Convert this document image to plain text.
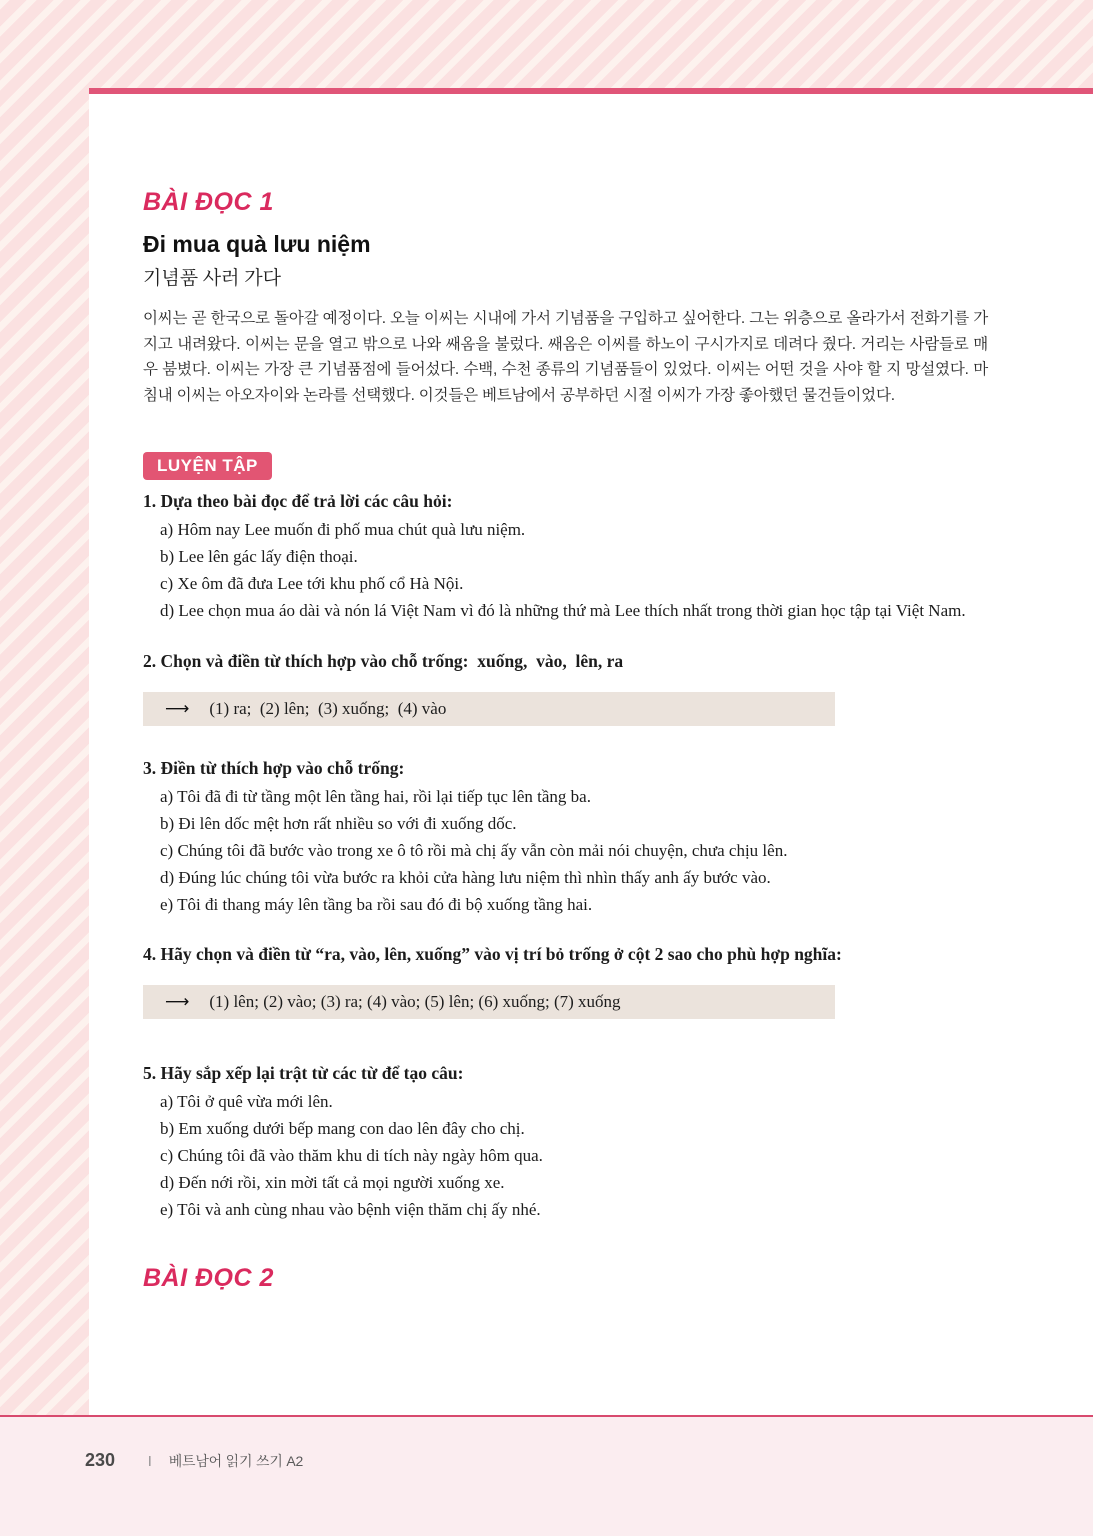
BÀI ĐỌC 1
Đi mua quà lưu niệm
기념품 사러 가다

이씨는 곧 한국으로 돌아갈 예정이다. 오늘 이씨는 시내에 가서 기념품을 구입하고 싶어한다. 그는 위층으로 올라가서 전화기를 가지고 내려왔다. 이씨는 문을 열고 밖으로 나와 쌔옴을 불렀다. 쌔옴은 이씨를 하노이 구시가지로 데려다 줬다. 거리는 사람들로 매우 붐볐다. 이씨는 가장 큰 기념품점에 들어섰다. 수백, 수천 종류의 기념품들이 있었다. 이씨는 어떤 것을 사야 할 지 망설였다. 마침내 이씨는 아오자이와 논라를 선택했다. 이것들은 베트남에서 공부하던 시절 이씨가 가장 좋아했던 물건들이었다.

LUYỆN TẬP

1. Dựa theo bài đọc để trả lời các câu hỏi:

a) Hôm nay Lee muốn đi phố mua chút quà lưu niệm.
b) Lee lên gác lấy điện thoại.
c) Xe ôm đã đưa Lee tới khu phố cổ Hà Nội.
d) Lee chọn mua áo dài và nón lá Việt Nam vì đó là những thứ mà Lee thích nhất trong thời gian học tập tại Việt Nam.

2. Chọn và điền từ thích hợp vào chỗ trống:  xuống,  vào,  lên, ra

⟶ (1) ra;  (2) lên;  (3) xuống;  (4) vào

3. Điền từ thích hợp vào chỗ trống:

a) Tôi đã đi từ tầng một lên tầng hai, rồi lại tiếp tục lên tầng ba.
b) Đi lên dốc mệt hơn rất nhiều so với đi xuống dốc.
c) Chúng tôi đã bước vào trong xe ô tô rồi mà chị ấy vẫn còn mải nói chuyện, chưa chịu lên.
d) Đúng lúc chúng tôi vừa bước ra khỏi cửa hàng lưu niệm thì nhìn thấy anh ấy bước vào.
e) Tôi đi thang máy lên tầng ba rồi sau đó đi bộ xuống tầng hai.

4. Hãy chọn và điền từ “ra, vào, lên, xuống” vào vị trí bỏ trống ở cột 2 sao cho phù hợp nghĩa:

⟶ (1) lên; (2) vào; (3) ra; (4) vào; (5) lên; (6) xuống; (7) xuống

5. Hãy sắp xếp lại trật từ các từ để tạo câu:

a) Tôi ở quê vừa mới lên.
b) Em xuống dưới bếp mang con dao lên đây cho chị.
c) Chúng tôi đã vào thăm khu di tích này ngày hôm qua.
d) Đến nới rồi, xin mời tất cả mọi người xuống xe.
e) Tôi và anh cùng nhau vào bệnh viện thăm chị ấy nhé.
BÀI ĐỌC 2
230 ǀ 베트남어 읽기 쓰기 A2
